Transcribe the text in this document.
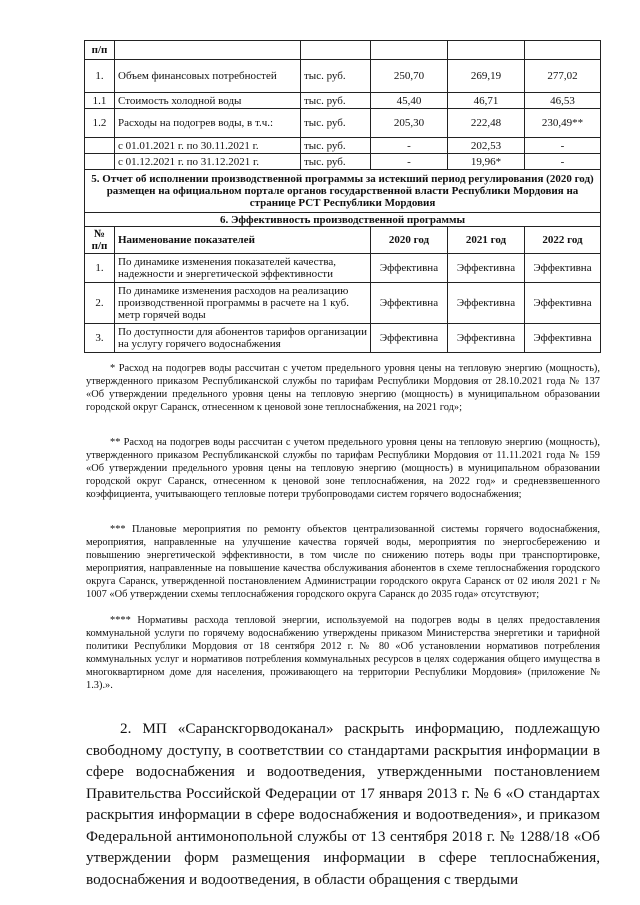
п/п					
1.	Объем финансовых потребностей	тыс. руб.	250,70	269,19	277,02
1.1	Стоимость холодной воды	тыс. руб.	45,40	46,71	46,53
1.2	Расходы на подогрев воды, в т.ч.:	тыс. руб.	205,30	222,48	230,49**
	с 01.01.2021 г. по 30.11.2021 г.	тыс. руб.	-	202,53	-
	с 01.12.2021 г. по 31.12.2021 г.	тыс. руб.	-	19,96*	-
5. Отчет об исполнении производственной программы за истекший период регулирования (2020 год) размещен на официальном портале органов государственной власти Республики Мордовия на странице РСТ Республики Мордовия					
6. Эффективность производственной программы					
№ п/п	Наименование показателей		2020 год	2021 год	2022 год
1.	По динамике изменения показателей качества, надежности и энергетической эффективности		Эффективна	Эффективна	Эффективна
2.	По динамике изменения расходов на реализацию производственной программы в расчете на 1 куб. метр горячей воды		Эффективна	Эффективна	Эффективна
3.	По доступности для абонентов тарифов организации на услугу горячего водоснабжения		Эффективна	Эффективна	Эффективна

* Расход на подогрев воды рассчитан с учетом предельного уровня цены на тепловую энергию (мощность), утвержденного приказом Республиканской службы по тарифам Республики Мордовия от 28.10.2021 года № 137 «Об утверждении предельного уровня цены на тепловую энергию (мощность) в муниципальном образовании городской округ Саранск, отнесенном к ценовой зоне теплоснабжения, на 2021 год»;

** Расход на подогрев воды рассчитан с учетом предельного уровня цены на тепловую энергию (мощность), утвержденного приказом Республиканской службы по тарифам Республики Мордовия от 11.11.2021 года № 159 «Об утверждении предельного уровня цены на тепловую энергию (мощность) в муниципальном образовании городской округ Саранск, отнесенном к ценовой зоне теплоснабжения, на 2022 год» и средневзвешенного коэффициента, учитывающего тепловые потери трубопроводами систем горячего водоснабжения;

*** Плановые мероприятия по ремонту объектов централизованной системы горячего водоснабжения, мероприятия, направленные на улучшение качества горячей воды, мероприятия по энергосбережению и повышению энергетической эффективности, в том числе по снижению потерь воды при транспортировке, мероприятия, направленные на повышение качества обслуживания абонентов в схеме теплоснабжения городского округа Саранск, утвержденной постановлением Администрации городского округа Саранск от 02 июля 2021 г № 1007 «Об утверждении схемы теплоснабжения городского округа Саранск до 2035 года» отсутствуют;

**** Нормативы расхода тепловой энергии, используемой на подогрев воды в целях предоставления коммунальной услуги по горячему водоснабжению утверждены приказом Министерства энергетики и тарифной политики Республики Мордовия от 18 сентября 2012 г. № 80 «Об установлении нормативов потребления коммунальных услуг и нормативов потребления коммунальных ресурсов в целях содержания общего имущества в многоквартирном доме для населения, проживающего на территории Республики Мордовия» (приложение № 1.3).».

2. МП «Саранскгорводоканал» раскрыть информацию, подлежащую свободному доступу, в соответствии со стандартами раскрытия информации в сфере водоснабжения и водоотведения, утвержденными постановлением Правительства Российской Федерации от 17 января 2013 г. № 6 «О стандартах раскрытия информации в сфере водоснабжения и водоотведения», и приказом Федеральной антимонопольной службы от 13 сентября 2018 г. № 1288/18 «Об утверждении форм размещения информации в сфере теплоснабжения, водоснабжения и водоотведения, в области обращения с твердыми
